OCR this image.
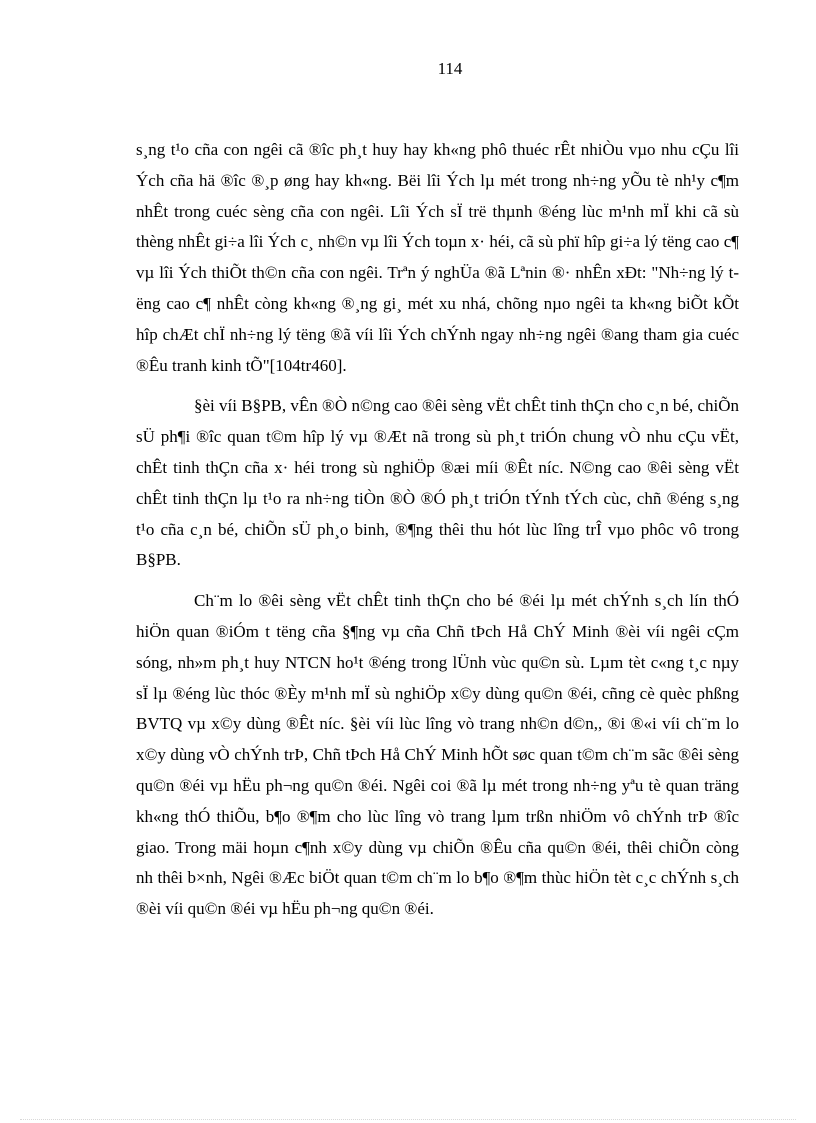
114

s¸ng t¹o cña con ngêi cã ®îc ph¸t huy hay kh«ng phô thuéc rÊt nhiÒu vµo nhu cÇu lîi Ých cña hä ®îc ®¸p øng hay kh«ng. Bëi lîi Ých lµ mét trong nh÷ng yÕu tè nh¹y c¶m nhÊt trong cuéc sèng cña con ngêi. Lîi Ých sÏ trë thµnh ®éng lùc m¹nh mÏ khi cã sù thèng nhÊt gi÷a lîi Ých c¸ nh©n vµ lîi Ých toµn x· héi, cã sù phï hîp gi÷a lý tëng cao c¶ vµ lîi Ých thiÕt th©n cña con ngêi. Trªn ý nghÜa ®ã Lªnin ®· nhÊn xÐt: "Nh÷ng lý tëng cao c¶ nhÊt còng kh«ng ®¸ng gi¸ mét xu nhá, chõng nµo ngêi ta kh«ng biÕt kÕt hîp chÆt chÏ nh÷ng lý tëng ®ã víi lîi Ých chÝnh ngay nh÷ng ngêi ®ang tham gia cuéc ®Êu tranh kinh tÕ"[104tr460].

§èi víi B§PB, vÊn ®Ò n©ng cao ®êi sèng vËt chÊt tinh thÇn cho c¸n bé, chiÕn sÜ ph¶i ®îc quan t©m hîp lý vµ ®Æt nã trong sù ph¸t triÓn chung vÒ nhu cÇu vËt, chÊt tinh thÇn cña x· héi trong sù nghiÖp ®æi míi ®Êt níc. N©ng cao ®êi sèng vËt chÊt tinh thÇn lµ t¹o ra nh÷ng tiÒn ®Ò ®Ó ph¸t triÓn tÝnh tÝch cùc, chñ ®éng s¸ng t¹o cña c¸n bé, chiÕn sÜ ph¸o binh, ®¶ng thêi thu hót lùc lîng trÎ vµo phôc vô trong B§PB.

Ch¨m lo ®êi sèng vËt chÊt tinh thÇn cho bé ®éi lµ mét chÝnh s¸ch lín thÓ hiÖn quan ®iÓm t tëng cña §¶ng vµ cña Chñ tÞch Hå ChÝ Minh ®èi víi ngêi cÇm sóng, nh»m ph¸t huy NTCN ho¹t ®éng trong lÜnh vùc qu©n sù. Lµm tèt c«ng t¸c nµy sÏ lµ ®éng lùc thóc ®Èy m¹nh mÏ sù nghiÖp x©y dùng qu©n ®éi, cñng cè quèc phßng BVTQ vµ x©y dùng ®Êt níc. §èi víi lùc lîng vò trang nh©n d©n,, ®i ®«i víi ch¨m lo x©y dùng vÒ chÝnh trÞ, Chñ tÞch Hå ChÝ Minh hÕt søc quan t©m ch¨m sãc ®êi sèng qu©n ®éi vµ hËu ph¬ng qu©n ®éi. Ngêi coi ®ã lµ mét trong nh÷ng yªu tè quan träng kh«ng thÓ thiÕu, b¶o ®¶m cho lùc lîng vò trang lµm trßn nhiÖm vô chÝnh trÞ ®îc giao. Trong mäi hoµn c¶nh x©y dùng vµ chiÕn ®Êu cña qu©n ®éi, thêi chiÕn còng nh thêi b×nh, Ngêi ®Æc biÖt quan t©m ch¨m lo b¶o ®¶m thùc hiÖn tèt c¸c chÝnh s¸ch ®èi víi qu©n ®éi vµ hËu ph¬ng qu©n ®éi.
